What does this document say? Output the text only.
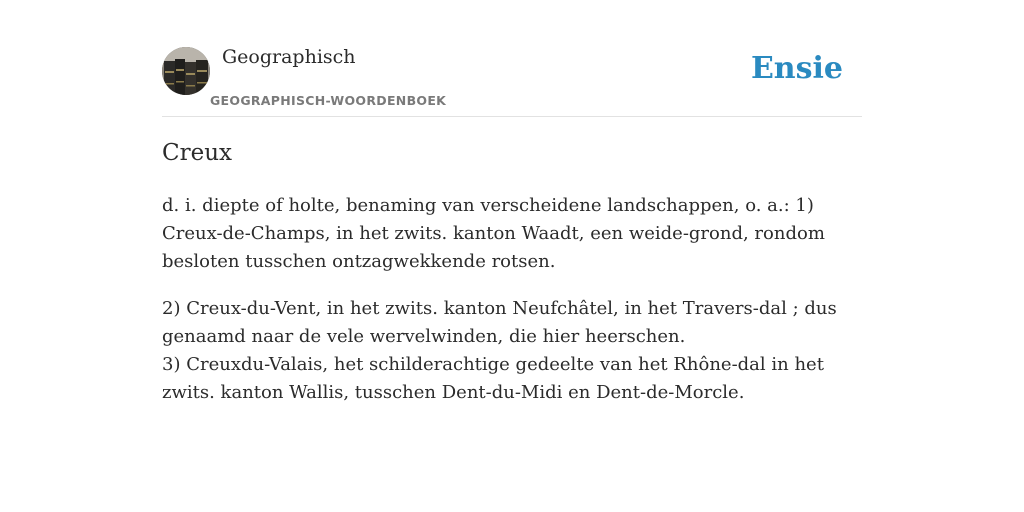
Geographisch
GEOGRAPHISCH-WOORDENBOEK
Ensie
Creux

d. i. diepte of holte, benaming van verscheidene landschappen, o. a.: 1) Creux-de-Champs, in het zwits. kanton Waadt, een weide-grond, rondom besloten tusschen ontzagwekkende rotsen.

2) Creux-du-Vent, in het zwits. kanton Neufchâtel, in het Travers-dal ; dus genaamd naar de vele wervelwinden, die hier heerschen.
3) Creuxdu-Valais, het schilderachtige gedeelte van het Rhône-dal in het zwits. kanton Wallis, tusschen Dent-du-Midi en Dent-de-Morcle.
